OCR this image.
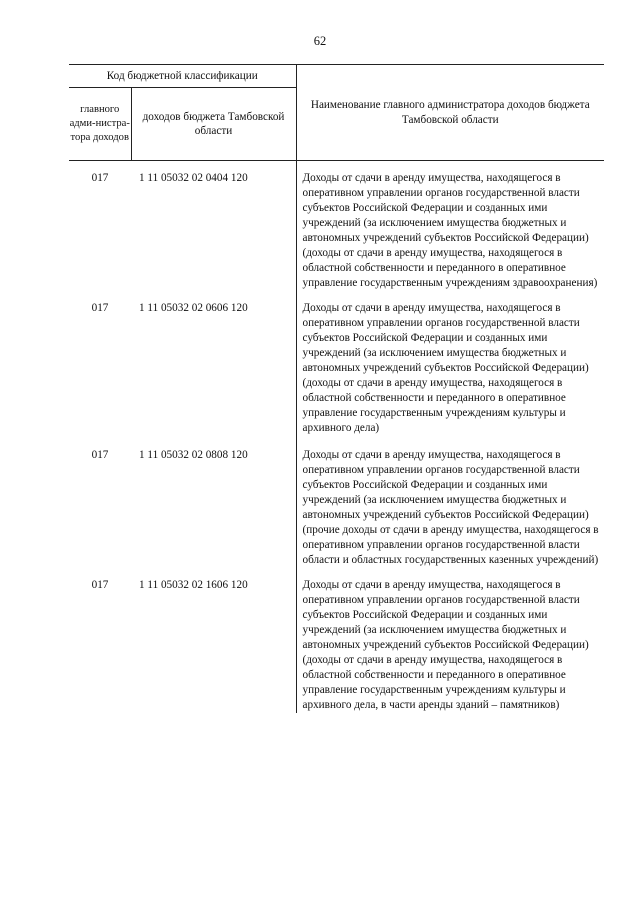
62
Код бюджетной классификации		Наименование главного администратора доходов бюджета Тамбовской области
главного адми-нистра-тора доходов	доходов бюджета Тамбовской области	
017	1 11 05032 02 0404 120	Доходы от сдачи в аренду имущества, находящегося в оперативном управлении органов государственной власти субъектов Российской Федерации и созданных ими учреждений (за исключением имущества бюджетных и автономных учреждений субъектов Российской Федерации) (доходы от сдачи в аренду имущества, находящегося в областной собственности и переданного в оперативное управление государственным учреждениям здравоохранения)
017	1 11 05032 02 0606 120	Доходы от сдачи в аренду имущества, находящегося в оперативном управлении органов государственной власти субъектов Российской Федерации и созданных ими учреждений (за исключением имущества бюджетных и автономных учреждений субъектов Российской Федерации) (доходы от сдачи в аренду имущества, находящегося в областной собственности и переданного в оперативное управление государственным учреждениям культуры и архивного дела)
017	1 11 05032 02 0808 120	Доходы от сдачи в аренду имущества, находящегося в оперативном управлении органов государственной власти субъектов Российской Федерации и созданных ими учреждений (за исключением имущества бюджетных и автономных учреждений субъектов Российской Федерации) (прочие доходы от сдачи в аренду имущества, находящегося в оперативном управлении органов государственной власти области и областных государственных казенных учреждений)
017	1 11 05032 02 1606 120	Доходы от сдачи в аренду имущества, находящегося в оперативном управлении органов государственной власти субъектов Российской Федерации и созданных ими учреждений (за исключением имущества бюджетных и автономных учреждений субъектов Российской Федерации) (доходы от сдачи в аренду имущества, находящегося в областной собственности и переданного в оперативное управление государственным учреждениям культуры и архивного дела, в части аренды зданий – памятников)
